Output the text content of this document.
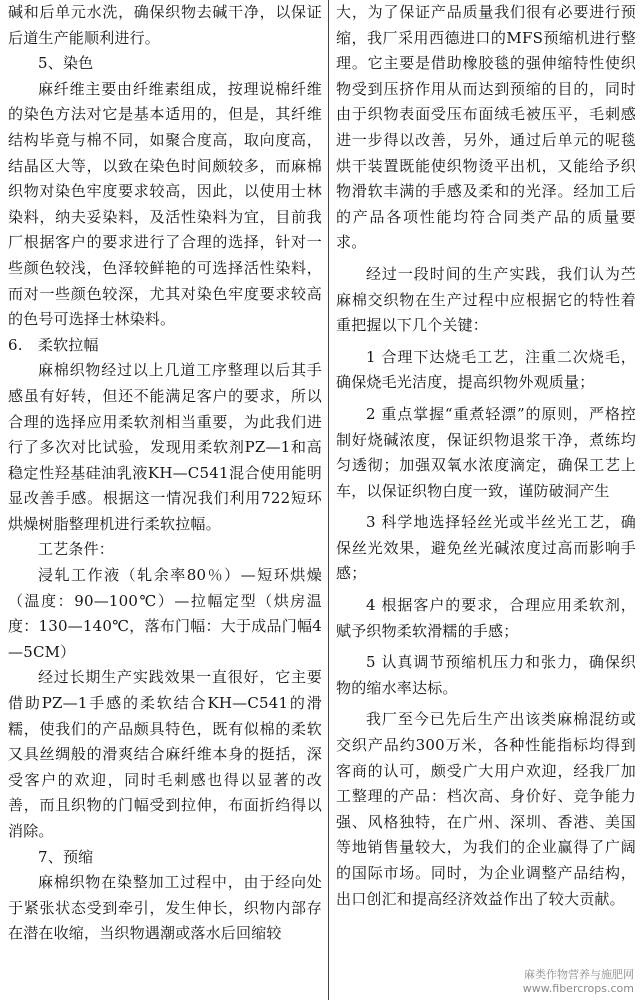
碱和后单元水洗，确保织物去碱干净，以保证后道生产能顺利进行。

5、染色

麻纤维主要由纤维素组成，按理说棉纤维的染色方法对它是基本适用的，但是，其纤维结构毕竟与棉不同，如聚合度高，取向度高，结晶区大等，以致在染色时间颇较多，而麻棉织物对染色牢度要求较高，因此，以使用士林染料，纳夫妥染料，及活性染料为宜，目前我厂根据客户的要求进行了合理的选择，针对一些颜色较浅，色泽较鲜艳的可选择活性染料，而对一些颜色较深，尤其对染色牢度要求较高的色号可选择士林染料。

6.　柔软拉幅

麻棉织物经过以上几道工序整理以后其手感虽有好转，但还不能满足客户的要求，所以合理的选择应用柔软剂相当重要，为此我们进行了多次对比试验，发现用柔软剂PZ—1和高稳定性羟基硅油乳液KH—C541混合使用能明显改善手感。根据这一情况我们利用722短环烘燥树脂整理机进行柔软拉幅。

工艺条件：

浸轧工作液（轧余率80％）—短环烘燥（温度：90—100℃）—拉幅定型（烘房温度：130—140℃，落布门幅：大于成品门幅4—5CM）

经过长期生产实践效果一直很好，它主要借助PZ—1手感的柔软结合KH—C541的滑糯，使我们的产品颇具特色，既有似棉的柔软又具丝绸般的滑爽结合麻纤维本身的挺括，深受客户的欢迎，同时毛刺感也得以显著的改善，而且织物的门幅受到拉伸，布面折绉得以消除。

7、预缩

麻棉织物在染整加工过程中，由于经向处于紧张状态受到牵引，发生伸长，织物内部存在潜在收缩，当织物遇潮或落水后回缩较

大，为了保证产品质量我们很有必要进行预缩，我厂采用西德进口的MFS预缩机进行整理。它主要是借助橡胶毯的强伸缩特性使织物受到压挤作用从而达到预缩的目的，同时由于织物表面受压布面绒毛被压平，毛刺感进一步得以改善，另外，通过后单元的呢毯烘干装置既能使织物烫平出机，又能给予织物滑软丰满的手感及柔和的光泽。经加工后的产品各项性能均符合同类产品的质量要求。

经过一段时间的生产实践，我们认为苎麻棉交织物在生产过程中应根据它的特性着重把握以下几个关键：

1 合理下达烧毛工艺，注重二次烧毛，确保烧毛光洁度，提高织物外观质量；

2 重点掌握“重煮轻漂”的原则，严格控制好烧碱浓度，保证织物退浆干净，煮练均匀透彻；加强双氧水浓度滴定，确保工艺上车，以保证织物白度一致，谨防破洞产生

3 科学地选择轻丝光或半丝光工艺，确保丝光效果，避免丝光碱浓度过高而影响手感；

4 根据客户的要求，合理应用柔软剂，赋予织物柔软滑糯的手感；

5 认真调节预缩机压力和张力，确保织物的缩水率达标。

我厂至今已先后生产出该类麻棉混纺或交织产品约300万米，各种性能指标均得到客商的认可，颇受广大用户欢迎，经我厂加工整理的产品：档次高、身价好、竞争能力强、风格独特，在广州、深圳、香港、美国等地销售量较大，为我们的企业赢得了广阔的国际市场。同时，为企业调整产品结构，出口创汇和提高经济效益作出了较大贡献。

麻类作物营养与施肥网
www.fibercrops.com
